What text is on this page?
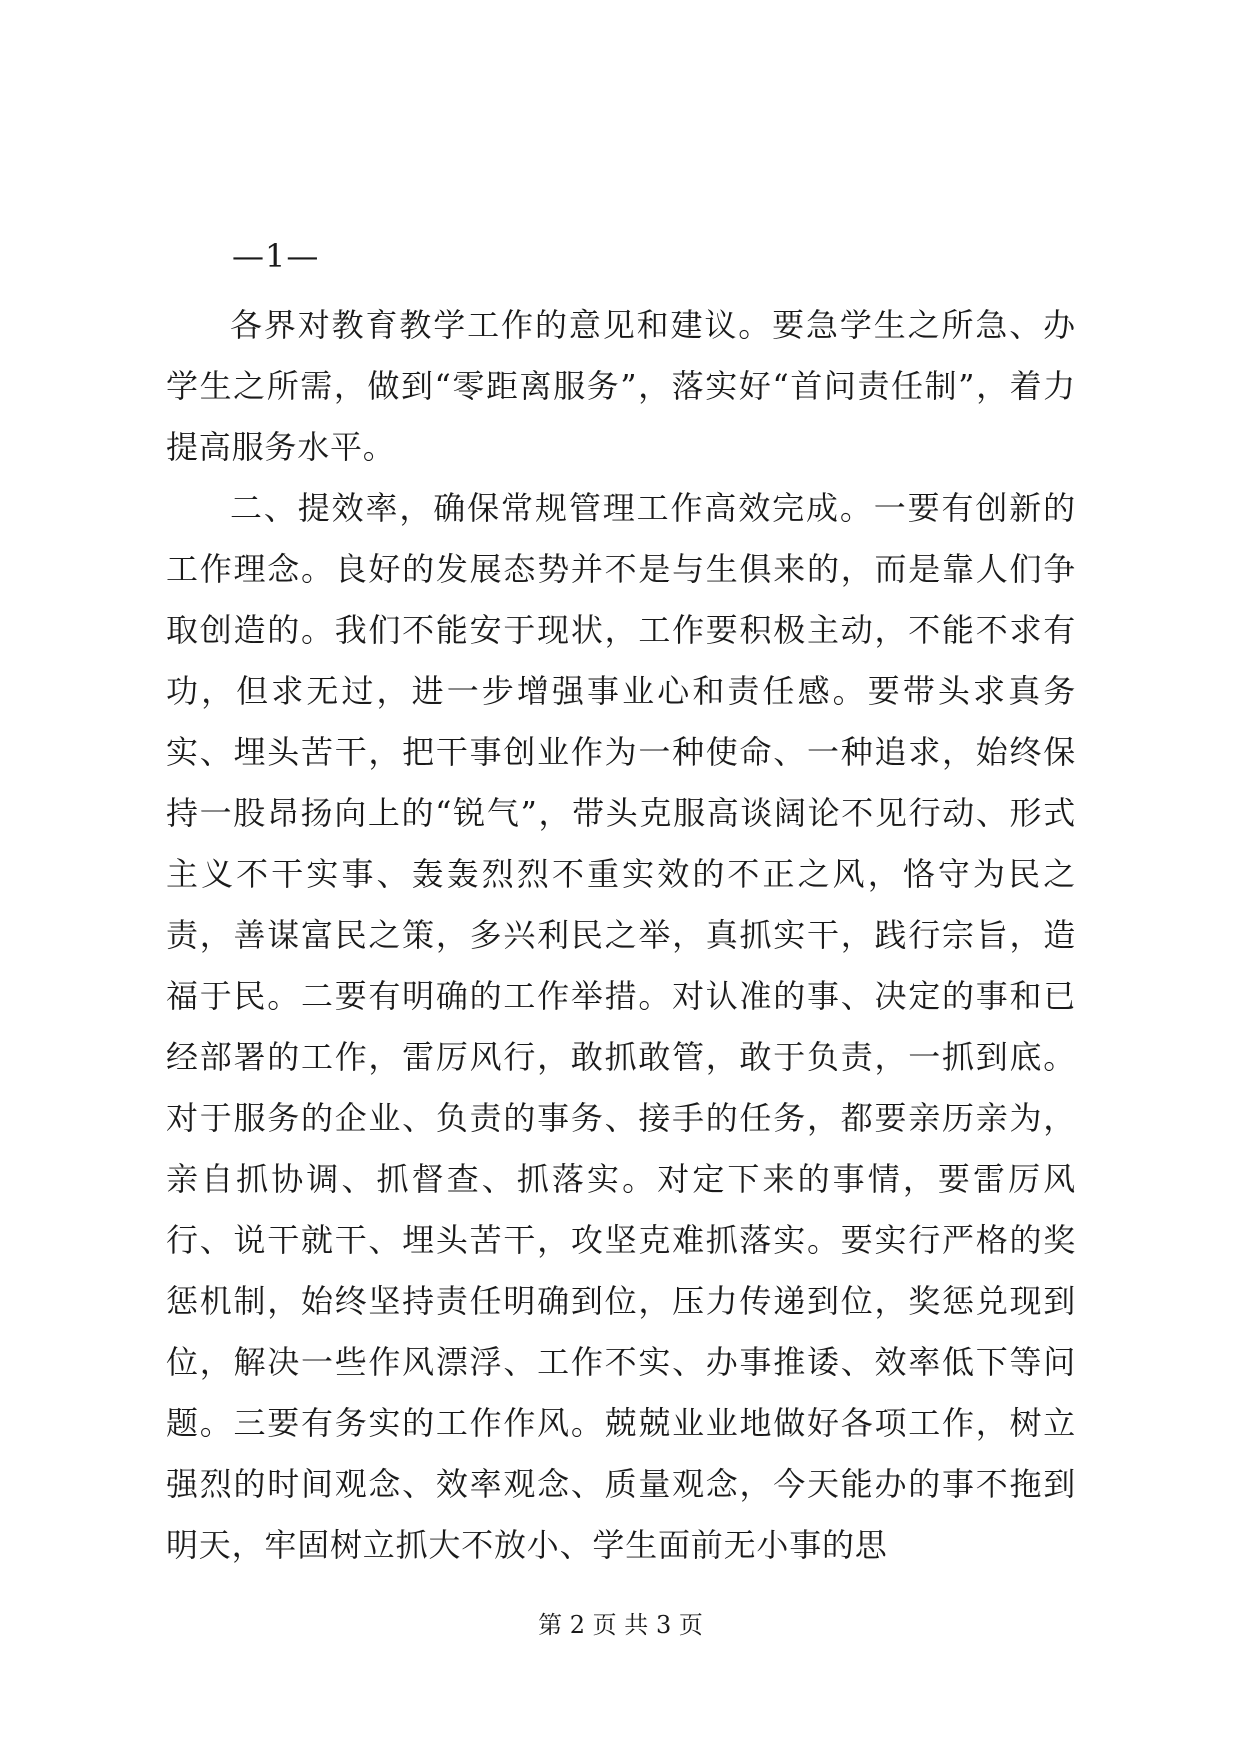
—1—

各界对教育教学工作的意见和建议。要急学生之所急、办学生之所需，做到“零距离服务”，落实好“首问责任制”，着力提高服务水平。

二、提效率，确保常规管理工作高效完成。一要有创新的工作理念。良好的发展态势并不是与生俱来的，而是靠人们争取创造的。我们不能安于现状，工作要积极主动，不能不求有功，但求无过，进一步增强事业心和责任感。要带头求真务实、埋头苦干，把干事创业作为一种使命、一种追求，始终保持一股昂扬向上的“锐气”，带头克服高谈阔论不见行动、形式主义不干实事、轰轰烈烈不重实效的不正之风，恪守为民之责，善谋富民之策，多兴利民之举，真抓实干，践行宗旨，造福于民。二要有明确的工作举措。对认准的事、决定的事和已经部署的工作，雷厉风行，敢抓敢管，敢于负责，一抓到底。对于服务的企业、负责的事务、接手的任务，都要亲历亲为，亲自抓协调、抓督查、抓落实。对定下来的事情，要雷厉风行、说干就干、埋头苦干，攻坚克难抓落实。要实行严格的奖惩机制，始终坚持责任明确到位，压力传递到位，奖惩兑现到位，解决一些作风漂浮、工作不实、办事推诿、效率低下等问题。三要有务实的工作作风。兢兢业业地做好各项工作，树立强烈的时间观念、效率观念、质量观念，今天能办的事不拖到明天，牢固树立抓大不放小、学生面前无小事的思

第 2 页 共 3 页
